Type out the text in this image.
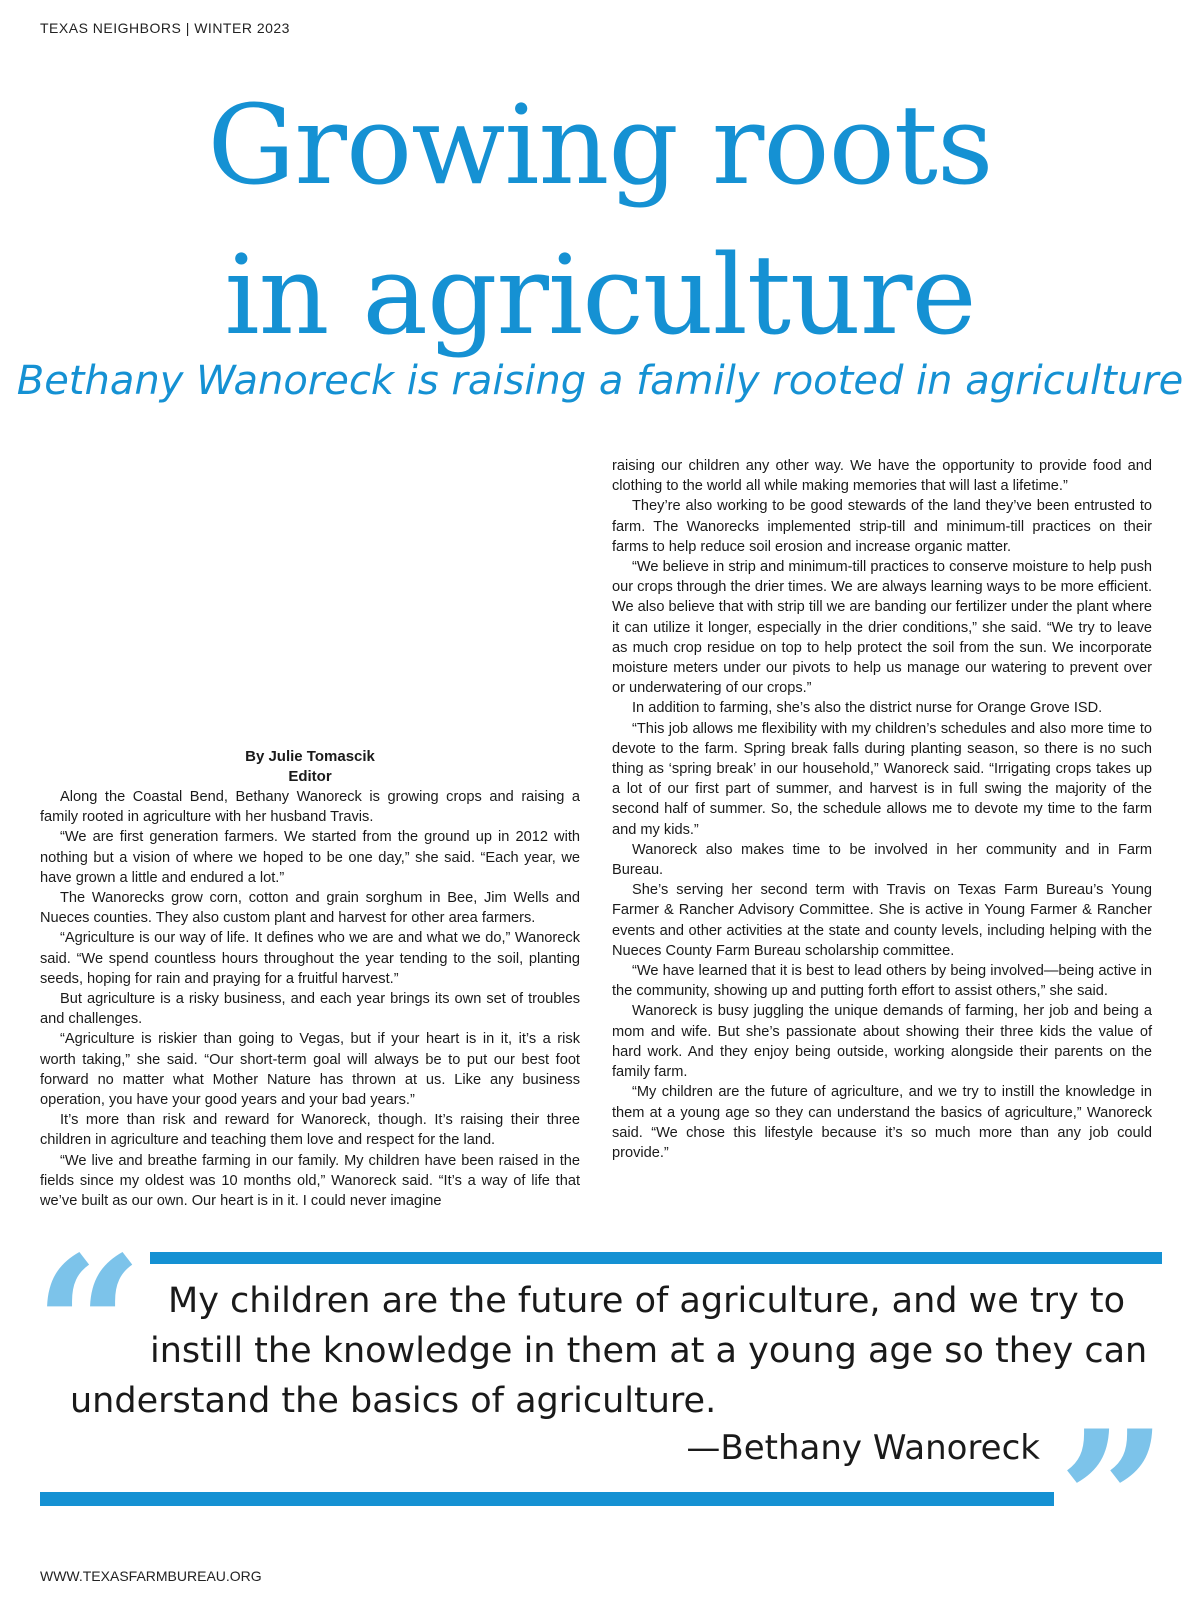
TEXAS NEIGHBORS | WINTER 2023
Growing roots
in agriculture
Bethany Wanoreck is raising a family rooted in agriculture

By Julie Tomascik

Editor

Along the Coastal Bend, Bethany Wanoreck is growing crops and raising a family rooted in agriculture with her husband Travis.

“We are first generation farmers. We started from the ground up in 2012 with nothing but a vision of where we hoped to be one day,” she said. “Each year, we have grown a little and endured a lot.”

The Wanorecks grow corn, cotton and grain sorghum in Bee, Jim Wells and Nueces counties. They also custom plant and harvest for other area farmers.

“Agriculture is our way of life. It defines who we are and what we do,” Wanoreck said. “We spend countless hours throughout the year tending to the soil, planting seeds, hoping for rain and praying for a fruitful harvest.”

But agriculture is a risky business, and each year brings its own set of troubles and challenges.

“Agriculture is riskier than going to Vegas, but if your heart is in it, it’s a risk worth taking,” she said. “Our short-term goal will always be to put our best foot forward no matter what Mother Nature has thrown at us. Like any business operation, you have your good years and your bad years.”

It’s more than risk and reward for Wanoreck, though. It’s raising their three children in agriculture and teaching them love and respect for the land.

“We live and breathe farming in our family. My children have been raised in the fields since my oldest was 10 months old,” Wanoreck said. “It’s a way of life that we’ve built as our own. Our heart is in it. I could never imagine

raising our children any other way. We have the opportunity to provide food and clothing to the world all while making memories that will last a lifetime.”

They’re also working to be good stewards of the land they’ve been entrusted to farm. The Wanorecks implemented strip-till and minimum-till practices on their farms to help reduce soil erosion and increase organic matter.

“We believe in strip and minimum-till practices to conserve moisture to help push our crops through the drier times. We are always learning ways to be more efficient. We also believe that with strip till we are banding our fertilizer under the plant where it can utilize it longer, especially in the drier conditions,” she said. “We try to leave as much crop residue on top to help protect the soil from the sun. We incorporate moisture meters under our pivots to help us manage our watering to prevent over or underwatering of our crops.”

In addition to farming, she’s also the district nurse for Orange Grove ISD.

“This job allows me flexibility with my children’s schedules and also more time to devote to the farm. Spring break falls during planting season, so there is no such thing as ‘spring break’ in our household,” Wanoreck said. “Irrigating crops takes up a lot of our first part of summer, and harvest is in full swing the majority of the second half of summer. So, the schedule allows me to devote my time to the farm and my kids.”

Wanoreck also makes time to be involved in her community and in Farm Bureau.

She’s serving her second term with Travis on Texas Farm Bureau’s Young Farmer & Rancher Advisory Committee. She is active in Young Farmer & Rancher events and other activities at the state and county levels, including helping with the Nueces County Farm Bureau scholarship committee.

“We have learned that it is best to lead others by being involved—being active in the community, showing up and putting forth effort to assist others,” she said.

Wanoreck is busy juggling the unique demands of farming, her job and being a mom and wife. But she’s passionate about showing their three kids the value of hard work. And they enjoy being outside, working alongside their parents on the family farm.

“My children are the future of agriculture, and we try to instill the knowledge in them at a young age so they can understand the basics of agriculture,” Wanoreck said. “We chose this lifestyle because it’s so much more than any job could provide.”

“ My children are the future of agriculture, and we try to
instill the knowledge in them at a young age so they can
understand the basics of agriculture.
—Bethany Wanoreck ”
WWW.TEXASFARMBUREAU.ORG
